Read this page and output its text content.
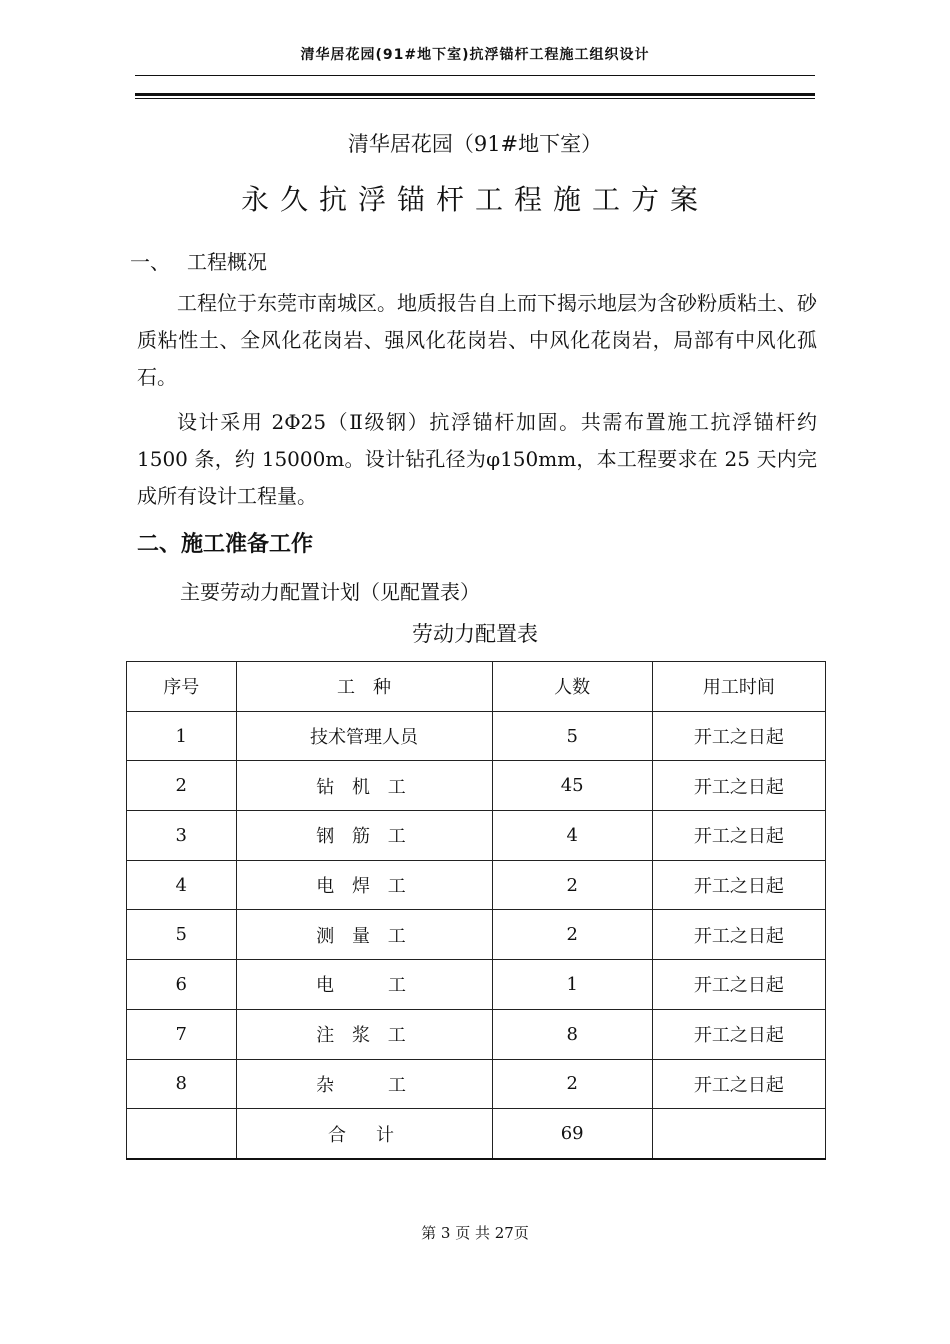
清华居花园(91#地下室)抗浮锚杆工程施工组织设计
清华居花园（91#地下室）
永久抗浮锚杆工程施工方案
一、 工程概况
工程位于东莞市南城区。地质报告自上而下揭示地层为含砂粉质粘土、砂质粘性土、全风化花岗岩、强风化花岗岩、中风化花岗岩，局部有中风化孤石。
设计采用 2Φ25（Ⅱ级钢）抗浮锚杆加固。共需布置施工抗浮锚杆约 1500 条，约 15000m。设计钻孔径为φ150mm，本工程要求在 25 天内完成所有设计工程量。
二、施工准备工作
主要劳动力配置计划（见配置表）
劳动力配置表
序号	工　种	人数	用工时间
1	技术管理人员	5	开工之日起
2	钻 机 工	45	开工之日起
3	钢 筋 工	4	开工之日起
4	电 焊 工	2	开工之日起
5	测 量 工	2	开工之日起
6	电　　工	1	开工之日起
7	注 浆 工	8	开工之日起
8	杂　　工	2	开工之日起
	合　计	69	
第 3 页 共 27页
